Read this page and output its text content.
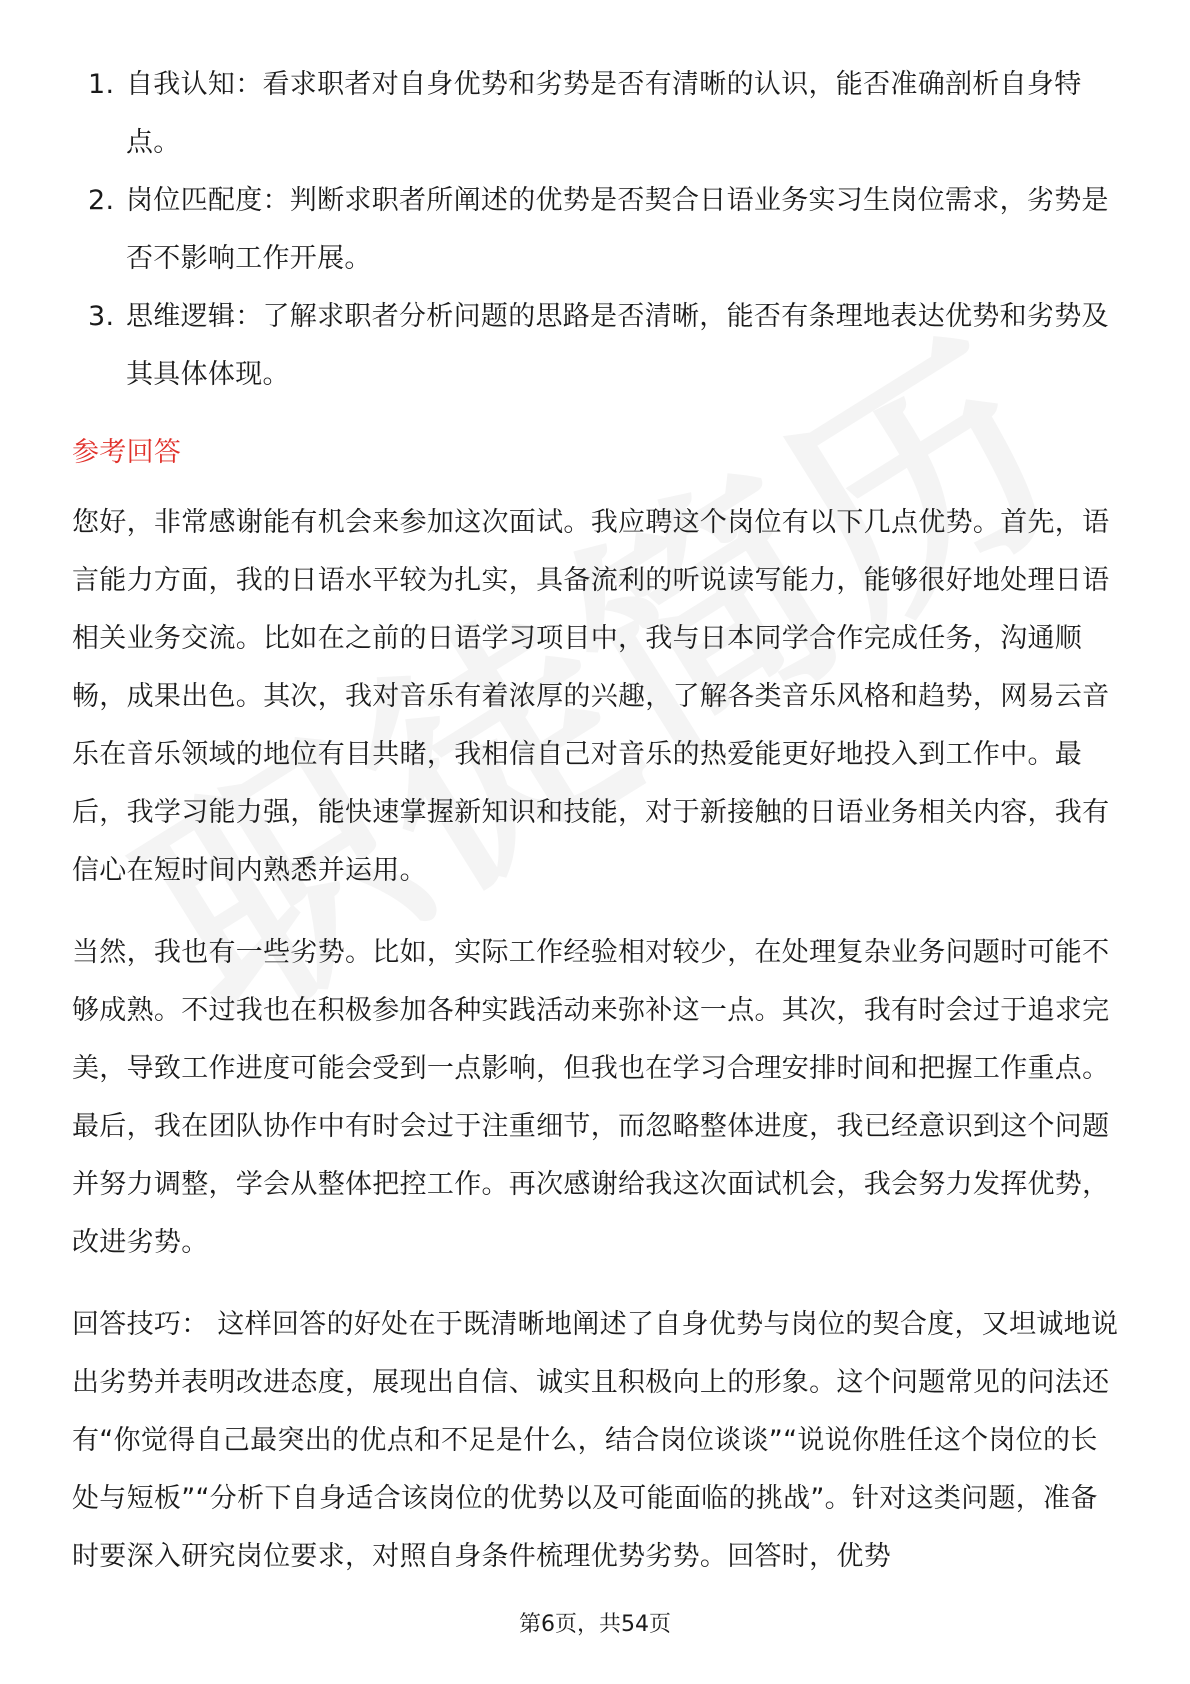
1. 自我认知：看求职者对自身优势和劣势是否有清晰的认识，能否准确剖析自身特点。
2. 岗位匹配度：判断求职者所阐述的优势是否契合日语业务实习生岗位需求，劣势是否不影响工作开展。
3. 思维逻辑：了解求职者分析问题的思路是否清晰，能否有条理地表达优势和劣势及其具体体现。
参考回答

您好，非常感谢能有机会来参加这次面试。我应聘这个岗位有以下几点优势。首先，语言能力方面，我的日语水平较为扎实，具备流利的听说读写能力，能够很好地处理日语相关业务交流。比如在之前的日语学习项目中，我与日本同学合作完成任务，沟通顺畅，成果出色。其次，我对音乐有着浓厚的兴趣，了解各类音乐风格和趋势，网易云音乐在音乐领域的地位有目共睹，我相信自己对音乐的热爱能更好地投入到工作中。最后，我学习能力强，能快速掌握新知识和技能，对于新接触的日语业务相关内容，我有信心在短时间内熟悉并运用。

当然，我也有一些劣势。比如，实际工作经验相对较少，在处理复杂业务问题时可能不够成熟。不过我也在积极参加各种实践活动来弥补这一点。其次，我有时会过于追求完美，导致工作进度可能会受到一点影响，但我也在学习合理安排时间和把握工作重点。最后，我在团队协作中有时会过于注重细节，而忽略整体进度，我已经意识到这个问题并努力调整，学会从整体把控工作。再次感谢给我这次面试机会，我会努力发挥优势，改进劣势。

回答技巧： 这样回答的好处在于既清晰地阐述了自身优势与岗位的契合度，又坦诚地说出劣势并表明改进态度，展现出自信、诚实且积极向上的形象。这个问题常见的问法还有“你觉得自己最突出的优点和不足是什么，结合岗位谈谈”“说说你胜任这个岗位的长处与短板”“分析下自身适合该岗位的优势以及可能面临的挑战”。针对这类问题，准备时要深入研究岗位要求，对照自身条件梳理优势劣势。回答时，优势

第6页，共54页
